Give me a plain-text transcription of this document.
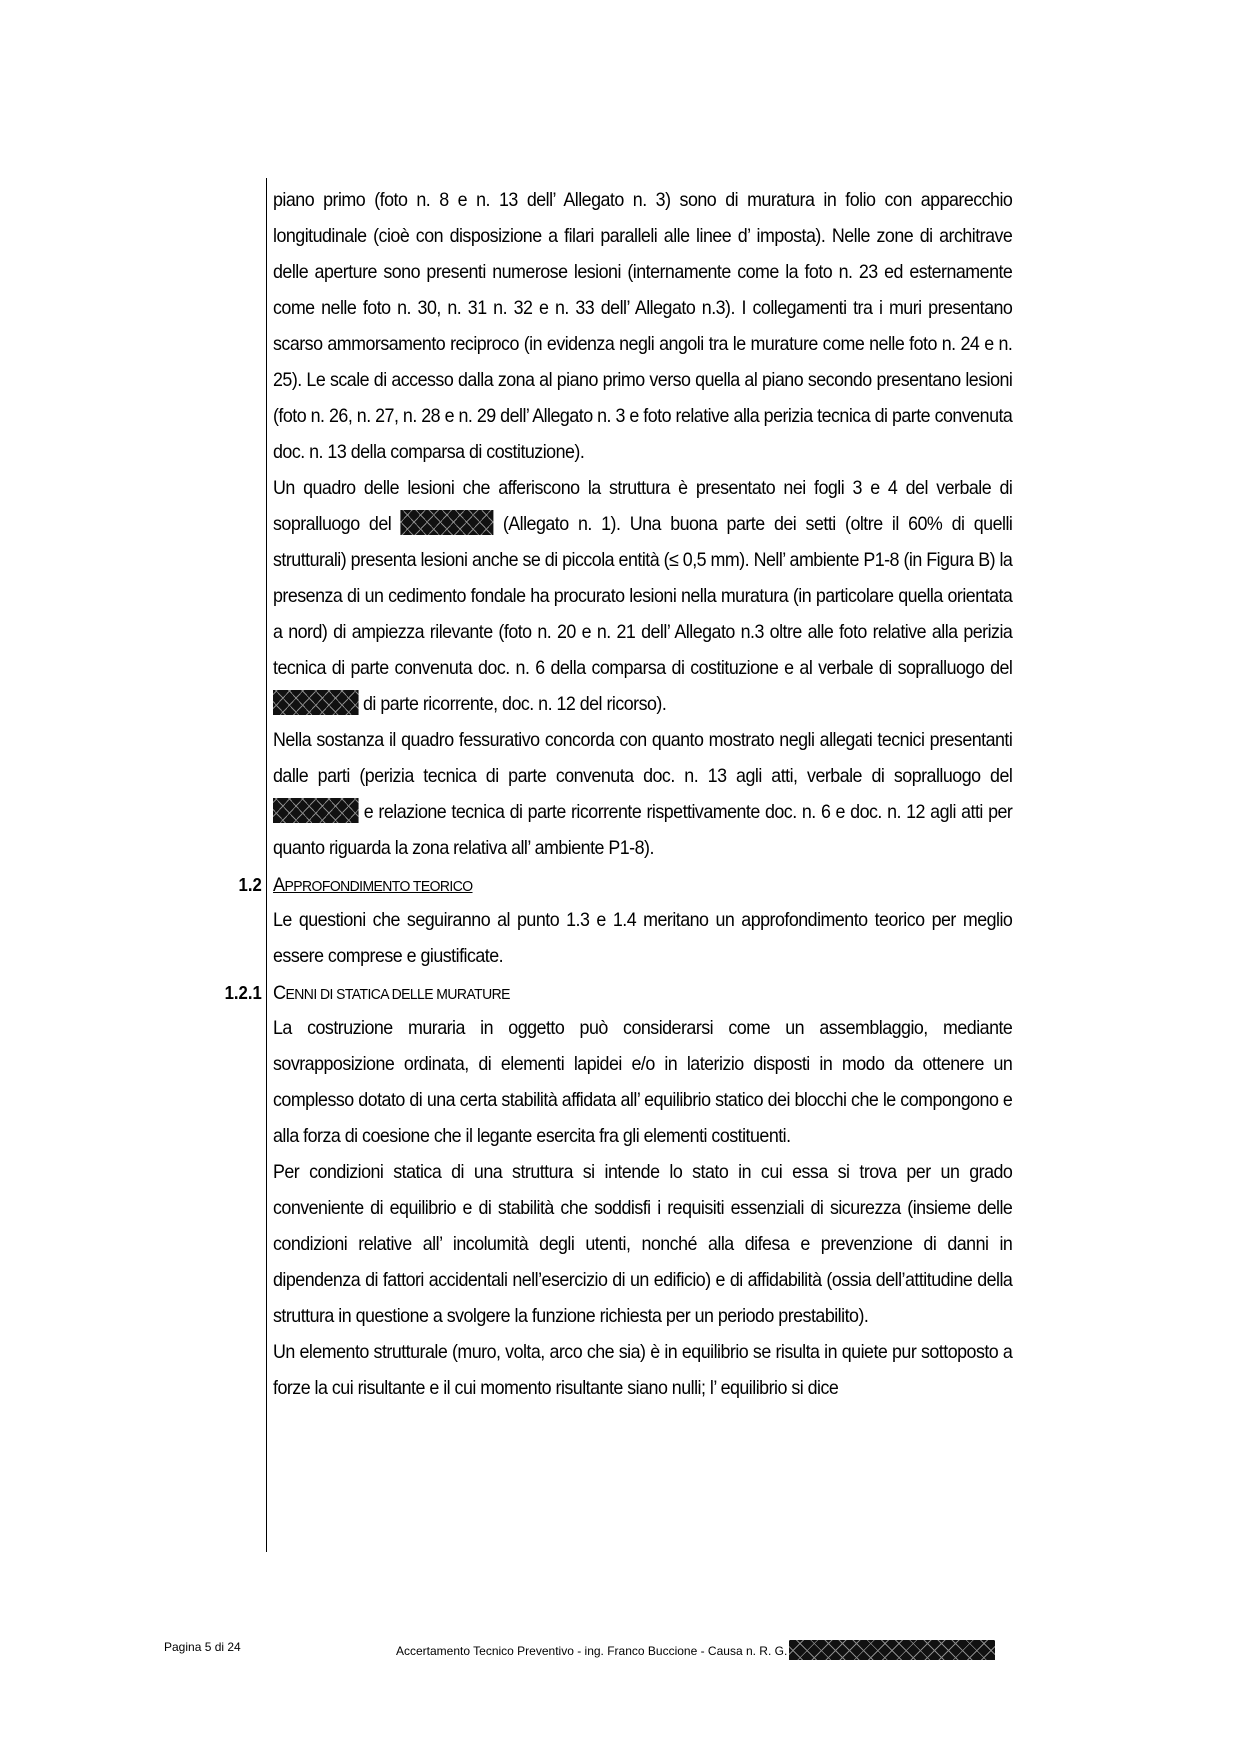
piano primo (foto n. 8 e n. 13 dell’ Allegato n. 3) sono di muratura in folio con apparecchio longitudinale (cioè con disposizione a filari paralleli alle linee d’ imposta). Nelle zone di architrave delle aperture sono presenti numerose lesioni (internamente come la foto n. 23 ed esternamente come nelle foto n. 30, n. 31 n. 32 e n. 33 dell’ Allegato n.3). I collegamenti tra i muri presentano scarso ammorsamento reciproco (in evidenza negli angoli tra le murature come nelle foto n. 24 e n. 25). Le scale di accesso dalla zona al piano primo verso quella al piano secondo presentano lesioni (foto n. 26, n. 27, n. 28 e n. 29 dell’ Allegato n. 3 e foto relative alla perizia tecnica di parte convenuta doc. n. 13 della comparsa di costituzione).

Un quadro delle lesioni che afferiscono la struttura è presentato nei fogli 3 e 4 del verbale di sopralluogo del	(Allegato n. 1). Una buona parte dei setti (oltre il 60% di quelli strutturali) presenta lesioni anche se di piccola entità (≤ 0,5 mm). Nell’ ambiente P1-8 (in Figura B) la presenza di un cedimento fondale ha procurato lesioni nella muratura (in particolare quella orientata a nord) di ampiezza rilevante (foto n. 20 e n. 21 dell’ Allegato n.3 oltre alle foto relative alla perizia tecnica di parte convenuta doc. n. 6 della comparsa di costituzione e al verbale di sopralluogo del  di parte ricorrente, doc. n. 12 del ricorso).

Nella sostanza il quadro fessurativo concorda con quanto mostrato negli allegati tecnici presentanti dalle parti (perizia tecnica di parte convenuta doc. n. 13 agli atti, verbale di sopralluogo del  e relazione tecnica di parte ricorrente rispettivamente doc. n. 6 e doc. n. 12 agli atti per quanto riguarda la zona relativa all’ ambiente P1-8).

1.2 APPROFONDIMENTO TEORICO

Le questioni che seguiranno al punto 1.3 e 1.4 meritano un approfondimento teorico per meglio essere comprese e giustificate.

1.2.1 CENNI DI STATICA DELLE MURATURE

La costruzione muraria in oggetto può considerarsi come un assemblaggio, mediante sovrapposizione ordinata, di elementi lapidei e/o in laterizio disposti in modo da ottenere un complesso dotato di una certa stabilità affidata all’ equilibrio statico dei blocchi che le compongono e alla forza di coesione che il legante esercita fra gli elementi costituenti.

Per condizioni statica di una struttura si intende lo stato in cui essa si trova per un grado conveniente di equilibrio e di stabilità che soddisfi i requisiti essenziali di sicurezza (insieme delle condizioni relative all’ incolumità degli utenti, nonché alla difesa e prevenzione di danni in dipendenza di fattori accidentali nell’esercizio di un edificio) e di affidabilità (ossia dell’attitudine della struttura in questione a svolgere la funzione richiesta per un periodo prestabilito).

Un elemento strutturale (muro, volta, arco che sia) è in equilibrio se risulta in quiete pur sottoposto a forze la cui risultante e il cui momento risultante siano nulli; l’ equilibrio si dice

Pagina 5 di 24	Accertamento Tecnico Preventivo - ing. Franco Buccione - Causa n. R. G.
